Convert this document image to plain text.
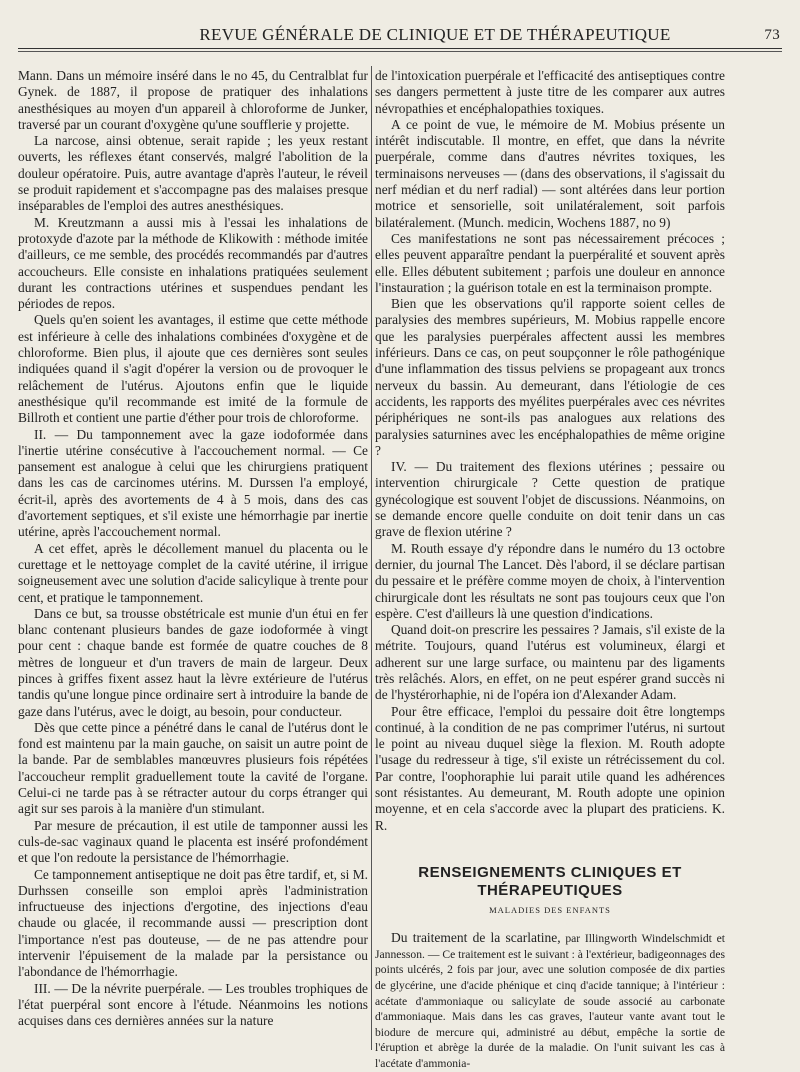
REVUE GÉNÉRALE DE CLINIQUE ET DE THÉRAPEUTIQUE	73

Mann. Dans un mémoire inséré dans le no 45, du Centralblat fur Gynek. de 1887, il propose de pratiquer des inhalations anesthésiques au moyen d'un appareil à chloroforme de Junker, traversé par un courant d'oxygène qu'une soufflerie y projette.

La narcose, ainsi obtenue, serait rapide ; les yeux restant ouverts, les réflexes étant conservés, malgré l'abolition de la douleur opératoire. Puis, autre avantage d'après l'auteur, le réveil se produit rapidement et s'accompagne pas des malaises presque inséparables de l'emploi des autres anesthésiques.

M. Kreutzmann a aussi mis à l'essai les inhalations de protoxyde d'azote par la méthode de Klikowith : méthode imitée d'ailleurs, ce me semble, des procédés recommandés par d'autres accoucheurs. Elle consiste en inhalations pratiquées seulement durant les contractions utérines et suspendues pendant les périodes de repos.

Quels qu'en soient les avantages, il estime que cette méthode est inférieure à celle des inhalations combinées d'oxygène et de chloroforme. Bien plus, il ajoute que ces dernières sont seules indiquées quand il s'agit d'opérer la version ou de provoquer le relâchement de l'utérus. Ajoutons enfin que le liquide anesthésique qu'il recommande est imité de la formule de Billroth et contient une partie d'éther pour trois de chloroforme.

II. — Du tamponnement avec la gaze iodoformée dans l'inertie utérine consécutive à l'accouchement normal. — Ce pansement est analogue à celui que les chirurgiens pratiquent dans les cas de carcinomes utérins. M. Durssen l'a employé, écrit-il, après des avortements de 4 à 5 mois, dans des cas d'avortement septiques, et s'il existe une hémorrhagie par inertie utérine, après l'accouchement normal.

A cet effet, après le décollement manuel du placenta ou le curettage et le nettoyage complet de la cavité utérine, il irrigue soigneusement avec une solution d'acide salicylique à trente pour cent, et pratique le tamponnement.

Dans ce but, sa trousse obstétricale est munie d'un étui en fer blanc contenant plusieurs bandes de gaze iodoformée à vingt pour cent : chaque bande est formée de quatre couches de 8 mètres de longueur et d'un travers de main de largeur. Deux pinces à griffes fixent assez haut la lèvre extérieure de l'utérus tandis qu'une longue pince ordinaire sert à introduire la bande de gaze dans l'utérus, avec le doigt, au besoin, pour conducteur.

Dès que cette pince a pénétré dans le canal de l'utérus dont le fond est maintenu par la main gauche, on saisit un autre point de la bande. Par de semblables manœuvres plusieurs fois répétées l'accoucheur remplit graduellement toute la cavité de l'organe. Celui-ci ne tarde pas à se rétracter autour du corps étranger qui agit sur ses parois à la manière d'un stimulant.

Par mesure de précaution, il est utile de tamponner aussi les culs-de-sac vaginaux quand le placenta est inséré profondément et que l'on redoute la persistance de l'hémorrhagie.

Ce tamponnement antiseptique ne doit pas être tardif, et, si M. Durhssen conseille son emploi après l'administration infructueuse des injections d'ergotine, des injections d'eau chaude ou glacée, il recommande aussi — prescription dont l'importance n'est pas douteuse, — de ne pas attendre pour intervenir l'épuisement de la malade par la persistance ou l'abondance de l'hémorrhagie.

III. — De la névrite puerpérale. — Les troubles trophiques de l'état puerpéral sont encore à l'étude. Néanmoins les notions acquises dans ces dernières années sur la nature

de l'intoxication puerpérale et l'efficacité des antiseptiques contre ses dangers permettent à juste titre de les comparer aux autres névropathies et encéphalopathies toxiques.

A ce point de vue, le mémoire de M. Mobius présente un intérêt indiscutable. Il montre, en effet, que dans la névrite puerpérale, comme dans d'autres névrites toxiques, les terminaisons nerveuses — (dans des observations, il s'agissait du nerf médian et du nerf radial) — sont altérées dans leur portion motrice et sensorielle, soit unilatéralement, soit parfois bilatéralement. (Munch. medicin, Wochens 1887, no 9)

Ces manifestations ne sont pas nécessairement précoces ; elles peuvent apparaître pendant la puerpéralité et souvent après elle. Elles débutent subitement ; parfois une douleur en annonce l'instauration ; la guérison totale en est la terminaison prompte.

Bien que les observations qu'il rapporte soient celles de paralysies des membres supérieurs, M. Mobius rappelle encore que les paralysies puerpérales affectent aussi les membres inférieurs. Dans ce cas, on peut soupçonner le rôle pathogénique d'une inflammation des tissus pelviens se propageant aux troncs nerveux du bassin. Au demeurant, dans l'étiologie de ces accidents, les rapports des myélites puerpérales avec ces névrites périphériques ne sont-ils pas analogues aux relations des paralysies saturnines avec les encéphalopathies de même origine ?

IV. — Du traitement des flexions utérines ; pessaire ou intervention chirurgicale ? Cette question de pratique gynécologique est souvent l'objet de discussions. Néanmoins, on se demande encore quelle conduite on doit tenir dans un cas grave de flexion utérine ?

M. Routh essaye d'y répondre dans le numéro du 13 octobre dernier, du journal The Lancet. Dès l'abord, il se déclare partisan du pessaire et le préfère comme moyen de choix, à l'intervention chirurgicale dont les résultats ne sont pas toujours ceux que l'on espère. C'est d'ailleurs là une question d'indications.

Quand doit-on prescrire les pessaires ? Jamais, s'il existe de la métrite. Toujours, quand l'utérus est volumineux, élargi et adherent sur une large surface, ou maintenu par des ligaments très relâchés. Alors, en effet, on ne peut espérer grand succès ni de l'hystérorhaphie, ni de l'opéra ion d'Alexander Adam.

Pour être efficace, l'emploi du pessaire doit être longtemps continué, à la condition de ne pas comprimer l'utérus, ni surtout le point au niveau duquel siège la flexion. M. Routh adopte l'usage du redresseur à tige, s'il existe un rétrécissement du col. Par contre, l'oophoraphie lui parait utile quand les adhérences sont résistantes. Au demeurant, M. Routh adopte une opinion moyenne, et en cela s'accorde avec la plupart des praticiens. K. R.

RENSEIGNEMENTS CLINIQUES ET THÉRAPEUTIQUES
MALADIES DES ENFANTS

Du traitement de la scarlatine, par Illingworth Windelschmidt et Jannesson. — Ce traitement est le suivant : à l'extérieur, badigeonnages des points ulcérés, 2 fois par jour, avec une solution composée de dix parties de glycérine, une d'acide phénique et cinq d'acide tannique; à l'intérieur : acétate d'ammoniaque ou salicylate de soude associé au carbonate d'ammoniaque. Mais dans les cas graves, l'auteur vante avant tout le biodure de mercure qui, administré au début, empêche la sortie de l'éruption et abrège la durée de la maladie. On l'unit suivant les cas à l'acétate d'ammonia-
